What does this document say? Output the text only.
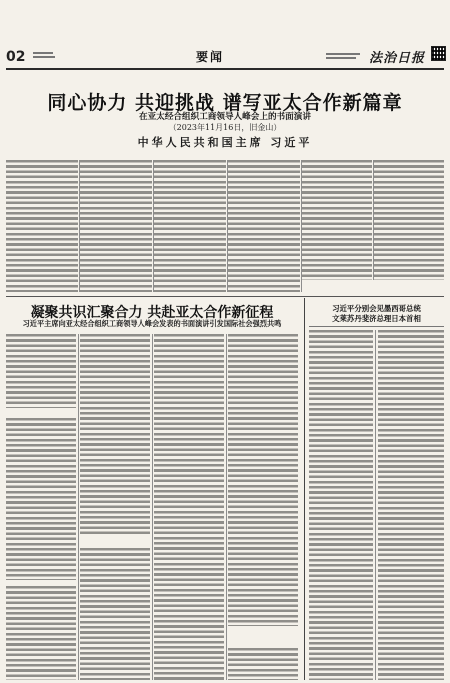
02	要闻	法治日报
同心协力 共迎挑战 谱写亚太合作新篇章
在亚太经合组织工商领导人峰会上的书面演讲
（2023年11月16日，旧金山）
中华人民共和国主席 习近平
凝聚共识汇聚合力 共赴亚太合作新征程
习近平主席向亚太经合组织工商领导人峰会发表的书面演讲引发国际社会强烈共鸣
习近平分别会见墨西哥总统
文莱苏丹斐济总理日本首相
